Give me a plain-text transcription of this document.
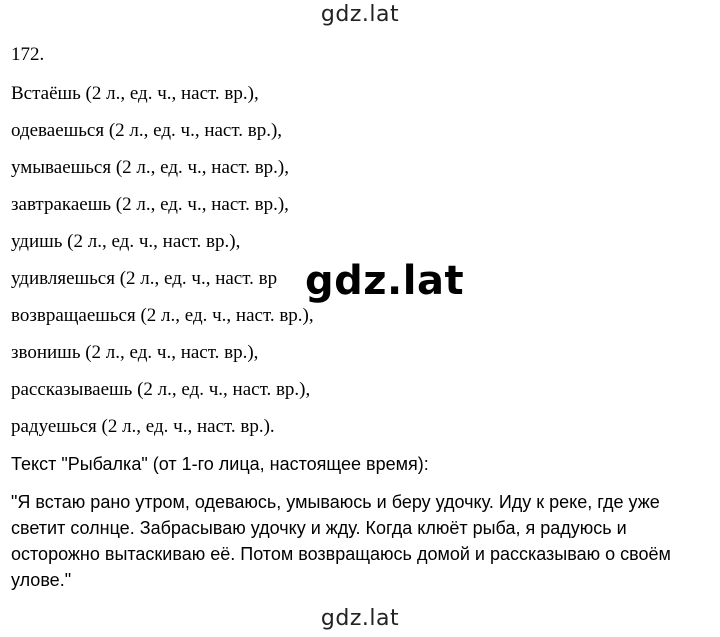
gdz.lat
172.
Встаёшь (2 л., ед. ч., наст. вр.),
одеваешься (2 л., ед. ч., наст. вр.),
умываешься (2 л., ед. ч., наст. вр.),
завтракаешь (2 л., ед. ч., наст. вр.),
удишь (2 л., ед. ч., наст. вр.),
удивляешься (2 л., ед. ч., наст. вр
возвращаешься (2 л., ед. ч., наст. вр.),
звонишь (2 л., ед. ч., наст. вр.),
рассказываешь (2 л., ед. ч., наст. вр.),
радуешься (2 л., ед. ч., наст. вр.).
gdz.lat
Текст "Рыбалка" (от 1-го лица, настоящее время):
"Я встаю рано утром, одеваюсь, умываюсь и беру удочку. Иду к реке, где уже
светит солнце. Забрасываю удочку и жду. Когда клюёт рыба, я радуюсь и
осторожно вытаскиваю её. Потом возвращаюсь домой и рассказываю о своём
улове."
gdz.lat
